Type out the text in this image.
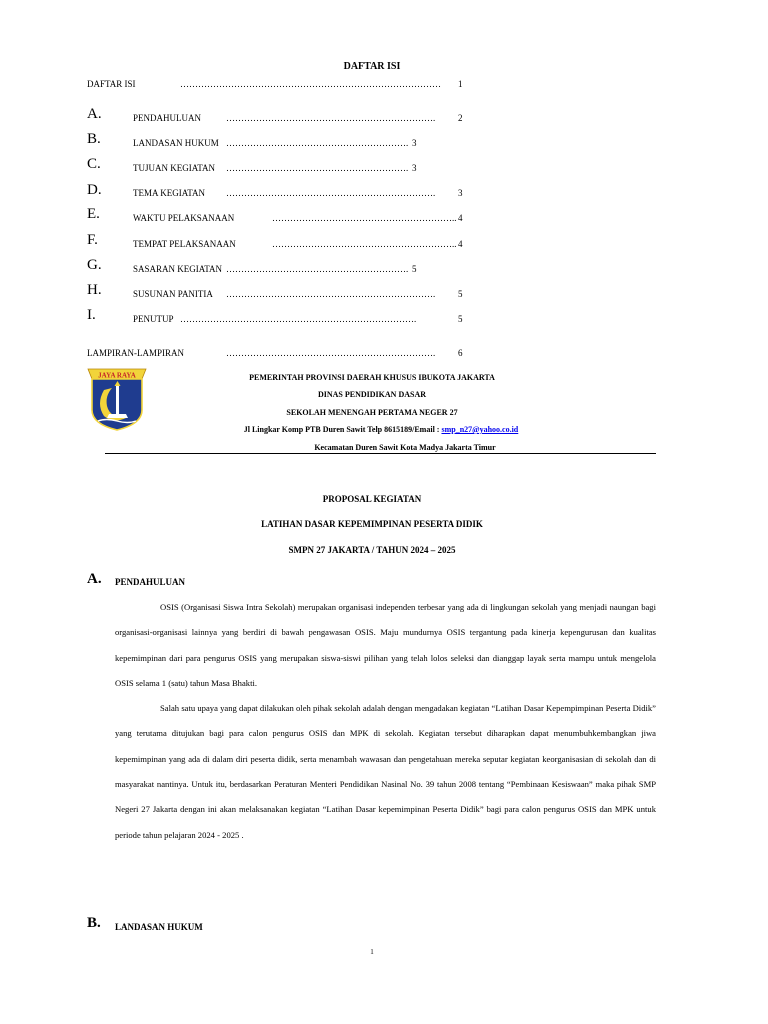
DAFTAR ISI
DAFTAR ISI	…………………………………………………………………………… 1
A.	PENDAHULUAN	…………………………………………………………….	2
B.	LANDASAN HUKUM ……………………………………………………. 3
C.	TUJUAN KEGIATAN ……………………………………………………. 3
D.	TEMA KEGIATAN …………………………………………………………….	3
E.	WAKTU PELAKSANAAN	…………………………………………………….. 4
F.	TEMPAT PELAKSANAAN	…………………………………………………….. 4
G.	SASARAN KEGIATAN ……………………………………………………. 5
H.	SUSUNAN PANITIA …………………………………………………………….	5
I.	PENUTUP …………………………………………………………………….	5
LAMPIRAN-LAMPIRAN	…………………………………………………………….	6
JAYA RAYA	PEMERINTAH PROVINSI DAERAH KHUSUS IBUKOTA JAKARTA
DINAS PENDIDIKAN DASAR
SEKOLAH MENENGAH PERTAMA NEGER 27
Jl Lingkar Komp PTB Duren Sawit Telp 8615189/Email : smp_n27@yahoo.co.id
Kecamatan Duren Sawit Kota Madya Jakarta Timur
PROPOSAL KEGIATAN
LATIHAN DASAR KEPEMIMPINAN PESERTA DIDIK
SMPN 27 JAKARTA / TAHUN 2024 – 2025
A. PENDAHULUAN

OSIS (Organisasi Siswa Intra Sekolah) merupakan organisasi independen terbesar yang ada di lingkungan sekolah yang menjadi naungan bagi organisasi-organisasi lainnya yang berdiri di bawah pengawasan OSIS. Maju mundurnya OSIS tergantung pada kinerja kepengurusan dan kualitas kepemimpinan dari para pengurus OSIS yang merupakan siswa-siswi pilihan yang telah lolos seleksi dan dianggap layak serta mampu untuk mengelola OSIS selama 1 (satu) tahun Masa Bhakti.

Salah satu upaya yang dapat dilakukan oleh pihak sekolah adalah dengan mengadakan kegiatan “Latihan Dasar Kepempimpinan Peserta Didik” yang terutama ditujukan bagi para calon pengurus OSIS dan MPK di sekolah. Kegiatan tersebut diharapkan dapat menumbuhkembangkan jiwa kepemimpinan yang ada di dalam diri peserta didik, serta menambah wawasan dan pengetahuan mereka seputar kegiatan keorganisasian di sekolah dan di masyarakat nantinya. Untuk itu, berdasarkan Peraturan Menteri Pendidikan Nasinal No. 39 tahun 2008 tentang “Pembinaan Kesiswaan” maka pihak SMP Negeri 27 Jakarta dengan ini akan melaksanakan kegiatan “Latihan Dasar kepemimpinan Peserta Didik” bagi para calon pengurus OSIS dan MPK untuk periode tahun pelajaran 2024 - 2025 .

B. LANDASAN HUKUM
1
